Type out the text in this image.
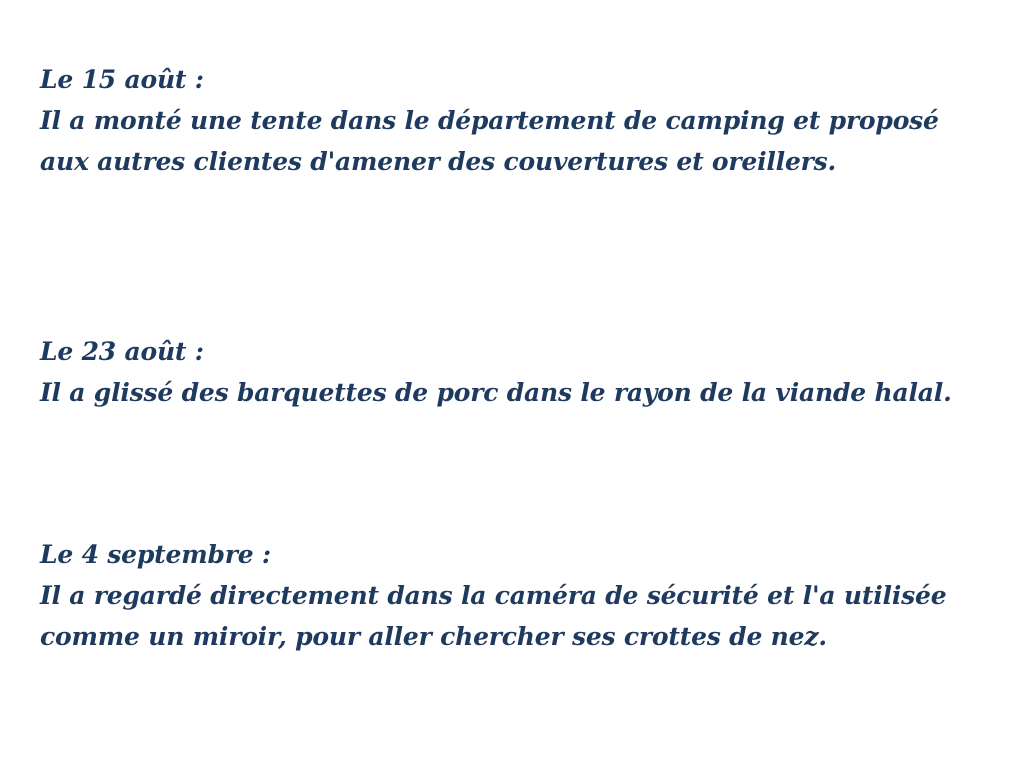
Le 15 août :
Il a monté une tente dans le département de camping et proposé aux autres clientes d'amener des couvertures et oreillers.
Le 23 août :
Il a glissé des barquettes de porc dans le rayon de la viande halal.
Le 4 septembre :
Il a regardé directement dans la caméra de sécurité et l'a utilisée comme un miroir, pour aller chercher ses crottes de nez.
